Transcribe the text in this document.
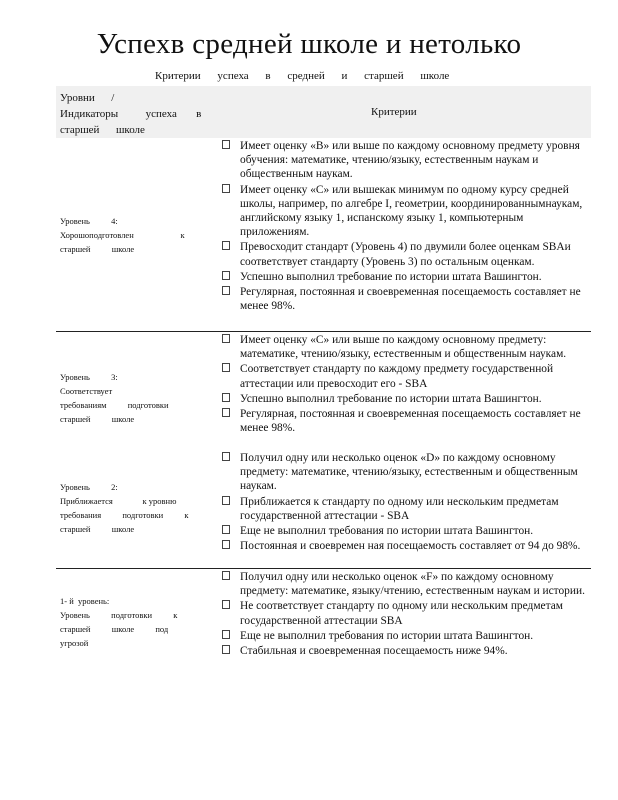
Успехв средней школе и нетолько
Критерии успеха в средней и старшей школе
Уровни      /
Индикаторы          успеха       в
старшей      школе
Критерии
Уровень          4:
Хорошоподготовлен                      к
старшей          школе
Имеет оценку «B» или выше по каждому основному предмету уровня обучения: математике, чтению/языку, естественным наукам и общественным наукам.
Имеет оценку «C» или вышекак минимум по одному курсу средней школы, например, по алгебре I, геометрии, координированнымнаукам, английскому языку 1, испанскому языку 1, компьютерным приложениям.
Превосходит стандарт (Уровень 4) по двумили более оценкам SBAи соответствует стандарту (Уровень 3) по остальным оценкам.
Успешно выполнил требование по истории штата Вашингтон.
Регулярная, постоянная и своевременная посещаемость составляет не менее 98%.
Уровень          3:
Соответствует
требованиям          подготовки
старшей          школе
Имеет оценку «C» или выше по каждому основному предмету: математике, чтению/языку, естественным и общественным наукам.
Соответствует стандарту по каждому предмету государственной аттестации или превосходит его - SBA
Успешно выполнил требование по истории штата Вашингтон.
Регулярная, постоянная и своевременная посещаемость составляет не менее 98%.
Уровень          2:
Приближается              к уровню
требования          подготовки          к
старшей          школе
Получил одну или несколько оценок «D» по каждому основному предмету: математике, чтению/языку, естественным и общественным наукам.
Приближается к стандарту по одному или нескольким предметам государственной аттестации - SBA
Еще не выполнил требования по истории штата Вашингтон.
Постоянная и своевремен ная посещаемость составляет от 94 до 98%.
1- й  уровень:
Уровень          подготовки          к
старшей          школе          под
угрозой
Получил одну или несколько оценок «F» по каждому основному предмету: математике, языку/чтению, естественным наукам и истории.
Не соответствует стандарту по одному или нескольким предметам государственной аттестации SBA
Еще не выполнил требования по истории штата Вашингтон.
Стабильная и своевременная посещаемость ниже 94%.
